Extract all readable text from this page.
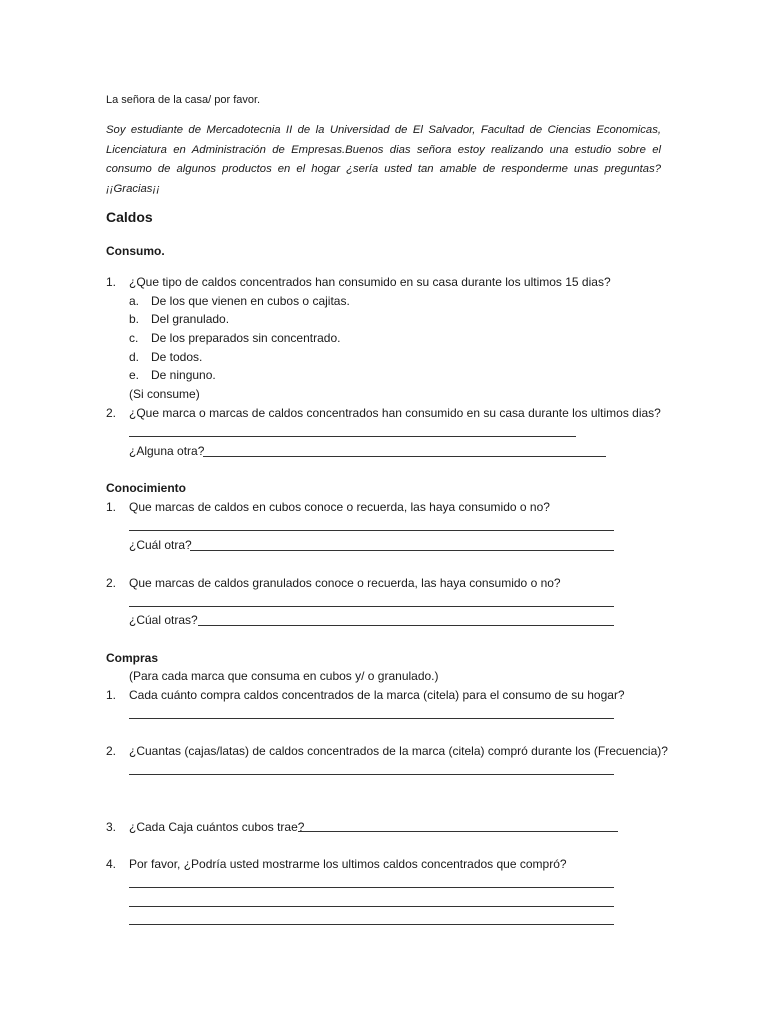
La señora de la casa/ por favor.
Soy estudiante de Mercadotecnia II de la Universidad de El Salvador, Facultad de Ciencias Economicas, Licenciatura en Administración de Empresas.Buenos dias señora estoy realizando una estudio sobre el consumo de algunos productos en el hogar ¿sería usted tan amable de responderme unas preguntas? ¡¡Gracias¡¡
Caldos
Consumo.
1. ¿Que tipo de caldos concentrados han consumido en su casa durante los ultimos 15 dias?
a. De los que vienen en cubos o cajitas.
b. Del granulado.
c. De los preparados sin concentrado.
d. De todos.
e. De ninguno.
(Si consume)
2. ¿Que marca o marcas de caldos concentrados han consumido en su casa durante los ultimos dias?
¿Alguna otra?
Conocimiento
1. Que marcas de caldos en cubos conoce o recuerda, las haya consumido o no?
¿Cuál otra?
2. Que marcas de caldos granulados conoce o recuerda, las haya consumido o no?
¿Cúal otras?
Compras
(Para cada marca que consuma en cubos y/ o granulado.)
1. Cada cuánto compra caldos concentrados de la marca (citela) para el consumo de su hogar?
2. ¿Cuantas (cajas/latas) de caldos concentrados de la marca (citela) compró durante los (Frecuencia)?
3. ¿Cada Caja cuántos cubos trae?
4. Por favor, ¿Podría usted mostrarme los ultimos caldos concentrados que compró?
